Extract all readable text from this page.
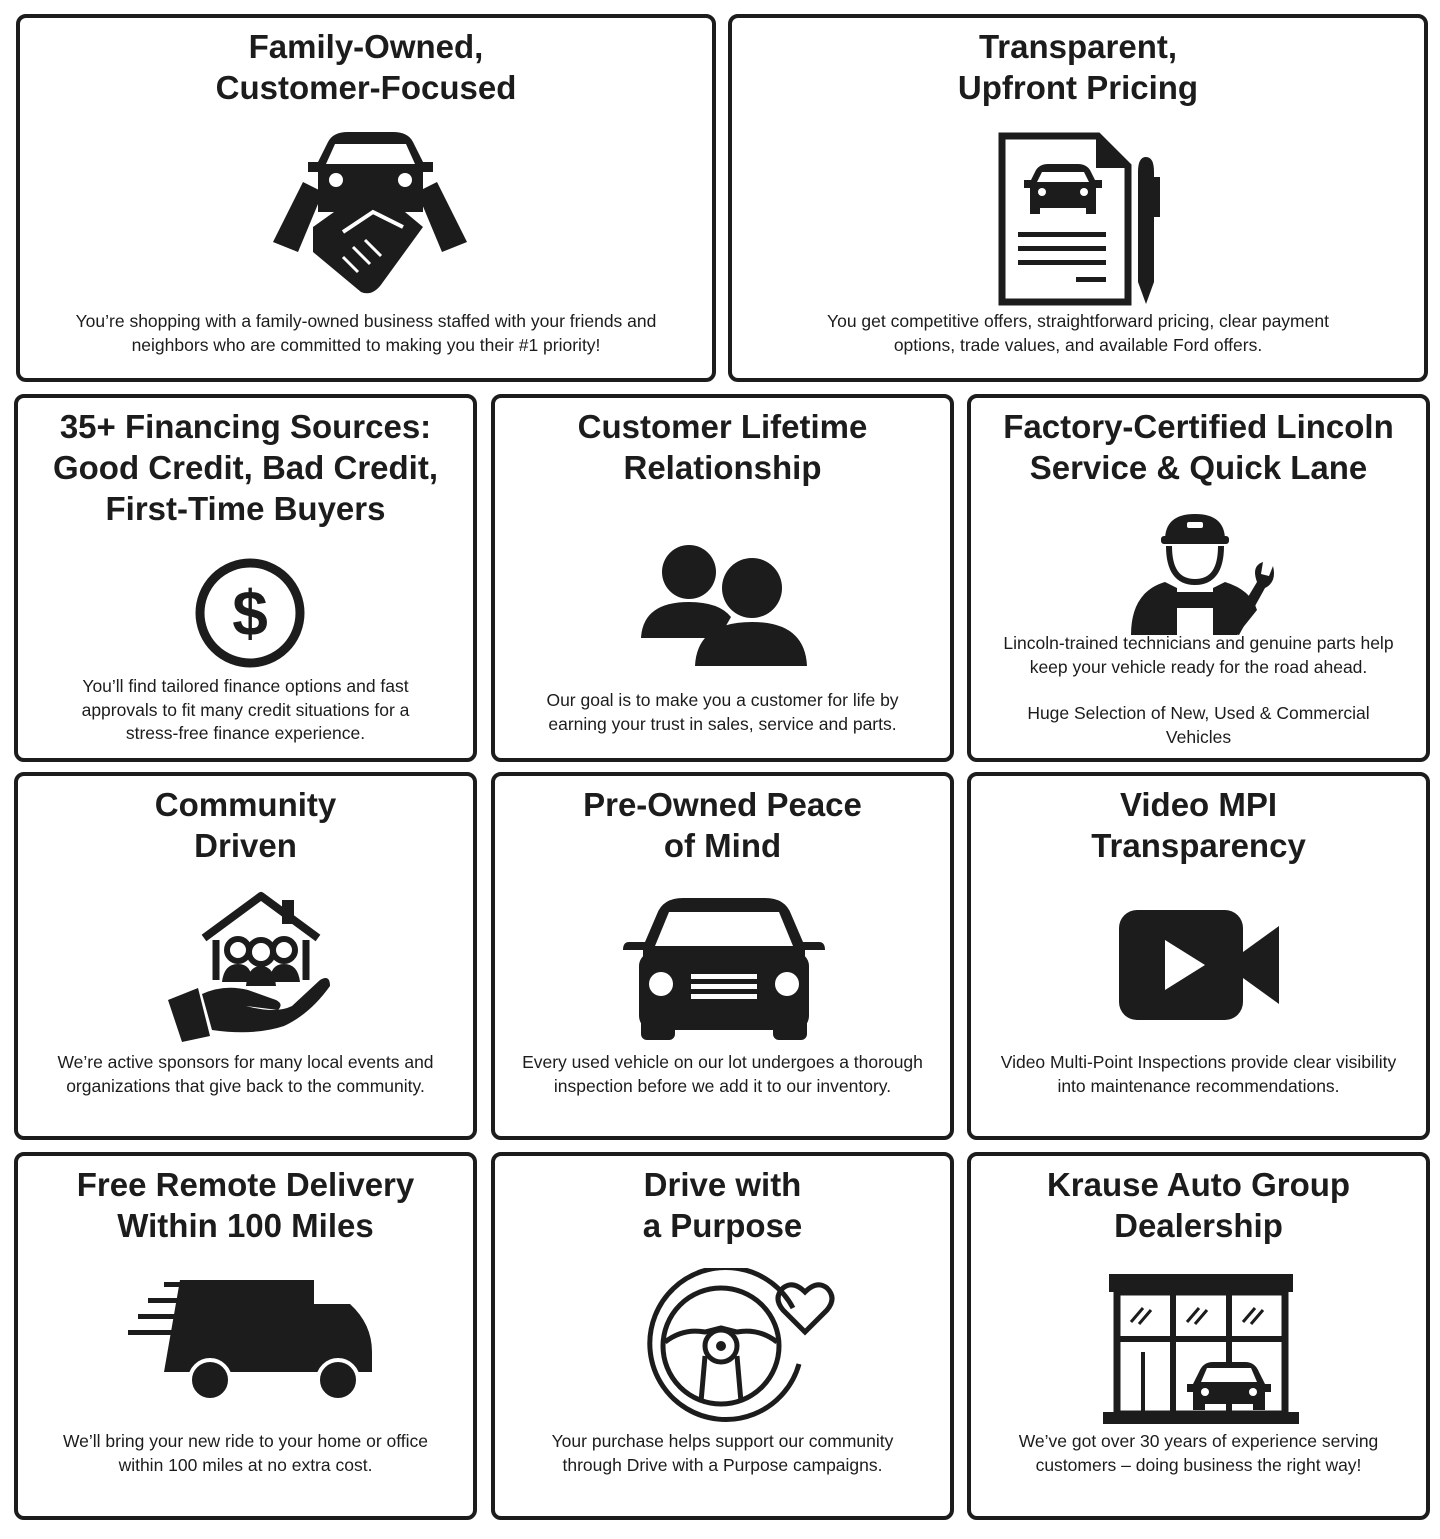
Family-Owned,
Customer-Focused

You’re shopping with a family-owned business staffed with your friends and neighbors who are committed to making you their #1 priority!

Transparent,
Upfront Pricing

You get competitive offers, straightforward pricing, clear payment options, trade values, and available Ford offers.

35+ Financing Sources:
Good Credit, Bad Credit,
First-Time Buyers
$

You’ll find tailored finance options and fast approvals to fit many credit situations for a stress-free finance experience.

Customer Lifetime
Relationship

Our goal is to make you a customer for life by earning your trust in sales, service and parts.

Factory-Certified Lincoln
Service & Quick Lane

Lincoln-trained technicians and genuine parts help keep your vehicle ready for the road ahead.

Huge Selection of New, Used & Commercial Vehicles

Community
Driven

We’re active sponsors for many local events and organizations that give back to the community.

Pre-Owned Peace
of Mind

Every used vehicle on our lot undergoes a thorough inspection before we add it to our inventory.

Video MPI
Transparency

Video Multi-Point Inspections provide clear visibility into maintenance recommendations.

Free Remote Delivery
Within 100 Miles

We’ll bring your new ride to your home or office within 100 miles at no extra cost.

Drive with
a Purpose

Your purchase helps support our community through Drive with a Purpose campaigns.

Krause Auto Group
Dealership

We’ve got over 30 years of experience serving customers – doing business the right way!
